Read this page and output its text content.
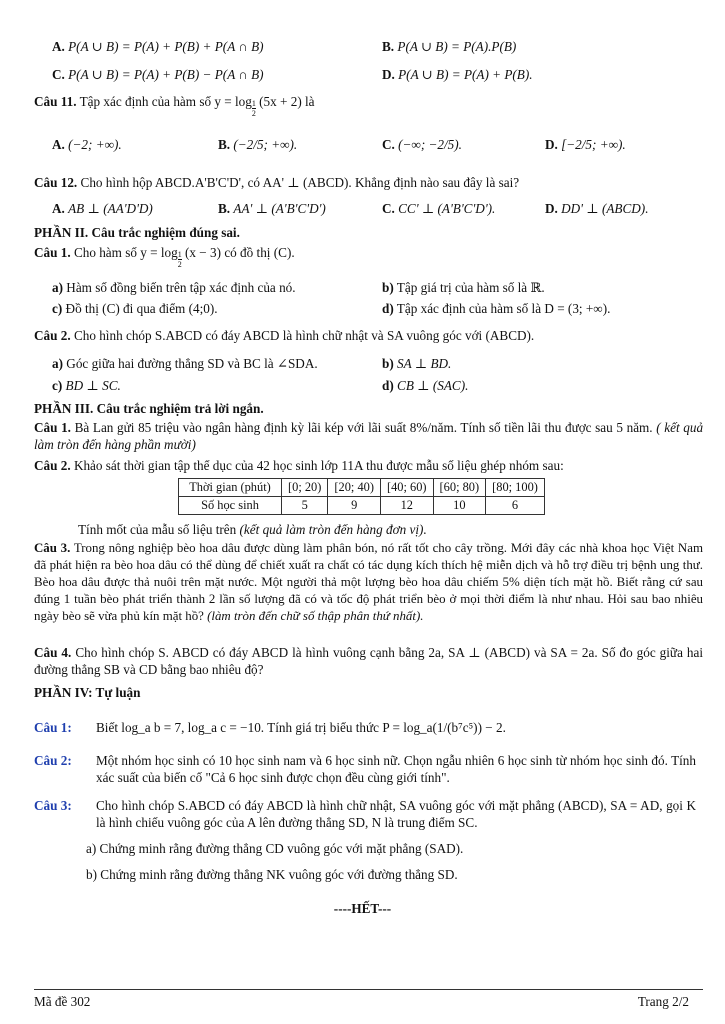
A. P(A ∪ B) = P(A) + P(B) + P(A ∩ B)	B. P(A ∪ B) = P(A).P(B)
C. P(A ∪ B) = P(A) + P(B) − P(A ∩ B)	D. P(A ∪ B) = P(A) + P(B).
Câu 11. Tập xác định của hàm số $y = \log \frac{1}{2} (5x + 2)$ là
A. (−2; +∞).	B. (−2/5; +∞).	C. (−∞; −2/5).	D. [−2/5; +∞).
Câu 12. Cho hình hộp ABCD.A'B'C'D', có AA' ⊥ (ABCD). Khẳng định nào sau đây là sai?
A. AB ⊥ (AA'D'D)	B. AA' ⊥ (A'B'C'D')	C. CC' ⊥ (A'B'C'D').	D. DD' ⊥ (ABCD).
PHẦN II. Câu trắc nghiệm đúng sai.
Câu 1. Cho hàm số $y = \log \frac{1}{2} (x - 3)$ có đồ thị (C).
a) Hàm số đồng biến trên tập xác định của nó.	b) Tập giá trị của hàm số là ℝ.
c) Đồ thị (C) đi qua điểm (4;0).	d) Tập xác định của hàm số là D = (3; +∞).
Câu 2. Cho hình chóp S.ABCD có đáy ABCD là hình chữ nhật và SA vuông góc với (ABCD).
a) Góc giữa hai đường thẳng SD và BC là ∠SDA.	b) SA ⊥ BD.
c) BD ⊥ SC.	d) CB ⊥ (SAC).
PHẦN III. Câu trắc nghiệm trả lời ngắn.
Câu 1. Bà Lan gửi 85 triệu vào ngân hàng định kỳ lãi kép với lãi suất 8%/năm. Tính số tiền lãi thu được sau 5 năm. ( kết quả làm tròn đến hàng phần mười)
Câu 2. Khảo sát thời gian tập thể dục của 42 học sinh lớp 11A thu được mẫu số liệu ghép nhóm sau:
Thời gian (phút)	[0; 20)	[20; 40)	[40; 60)	[60; 80)	[80; 100)
Số học sinh	5	9	12	10	6
Tính mốt của mẫu số liệu trên (kết quả làm tròn đến hàng đơn vị).
Câu 3. Trong nông nghiệp bèo hoa dâu được dùng làm phân bón, nó rất tốt cho cây trồng. Mới đây các nhà khoa học Việt Nam đã phát hiện ra bèo hoa dâu có thể dùng để chiết xuất ra chất có tác dụng kích thích hệ miễn dịch và hỗ trợ điều trị bệnh ung thư. Bèo hoa dâu được thả nuôi trên mặt nước. Một người thả một lượng bèo hoa dâu chiếm 5% diện tích mặt hồ. Biết rằng cứ sau đúng 1 tuần bèo phát triển thành 2 lần số lượng đã có và tốc độ phát triển bèo ở mọi thời điểm là như nhau. Hỏi sau bao nhiêu ngày bèo sẽ vừa phủ kín mặt hồ? (làm tròn đến chữ số thập phân thứ nhất).
Câu 4. Cho hình chóp S. ABCD có đáy ABCD là hình vuông cạnh bằng 2a, SA ⊥ (ABCD) và SA = 2a. Số đo góc giữa hai đường thẳng SB và CD bằng bao nhiêu độ?
PHẦN IV: Tự luận
Câu 1: Biết log_a b = 7, log_a c = −10. Tính giá trị biểu thức P = log_a(1/(b⁷c⁵)) − 2.
Câu 2: Một nhóm học sinh có 10 học sinh nam và 6 học sinh nữ. Chọn ngẫu nhiên 6 học sinh từ nhóm học sinh đó. Tính xác suất của biến cố "Cả 6 học sinh được chọn đều cùng giới tính".
Câu 3: Cho hình chóp S.ABCD có đáy ABCD là hình chữ nhật, SA vuông góc với mặt phẳng (ABCD), SA = AD, gọi K là hình chiếu vuông góc của A lên đường thẳng SD, N là trung điểm SC.
a) Chứng minh rằng đường thẳng CD vuông góc với mặt phẳng (SAD).
b) Chứng minh rằng đường thẳng NK vuông góc với đường thẳng SD.
----HẾT---
Mã đề 302	Trang 2/2
